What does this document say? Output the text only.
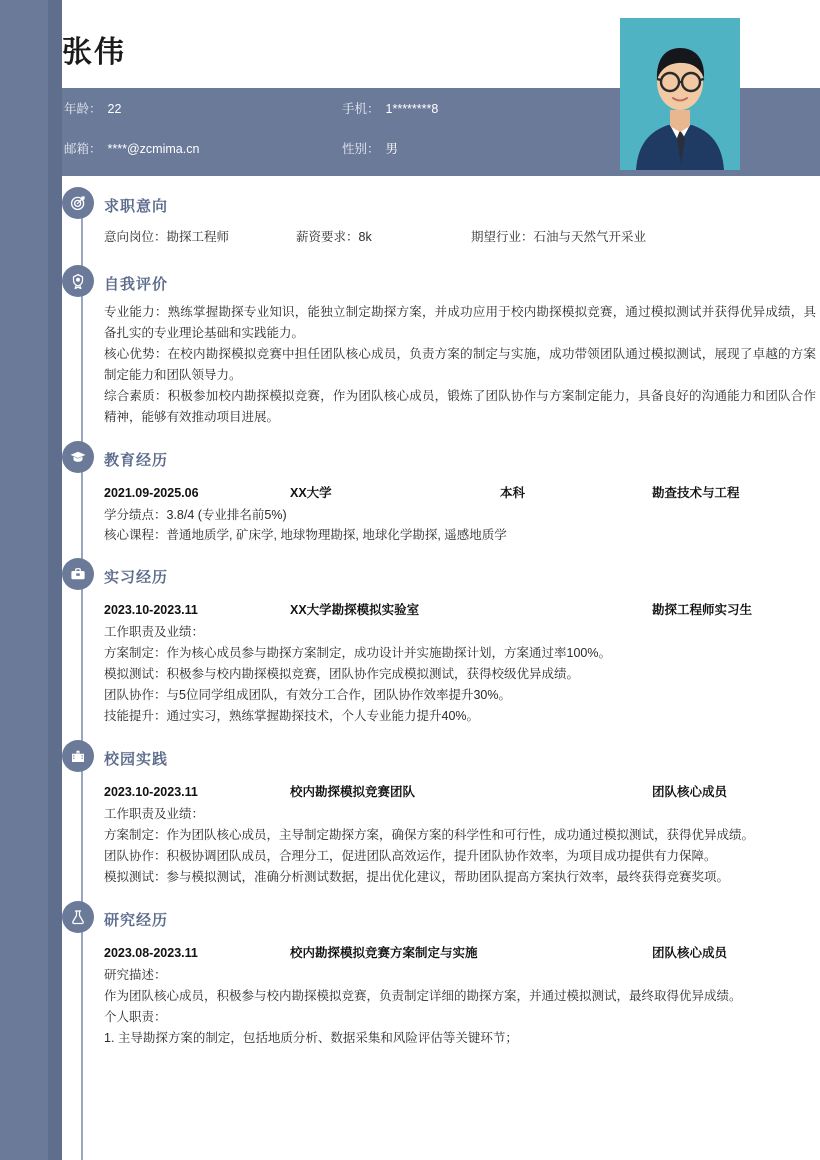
张伟
年龄： 22	手机： 1********8
邮箱： ****@zcmima.cn	性别： 男
求职意向
意向岗位：勘探工程师	薪资要求：8k	期望行业：石油与天然气开采业
自我评价
专业能力：熟练掌握勘探专业知识，能独立制定勘探方案，并成功应用于校内勘探模拟竞赛，通过模拟测试并获得优异成绩，具备扎实的专业理论基础和实践能力。
核心优势：在校内勘探模拟竞赛中担任团队核心成员，负责方案的制定与实施，成功带领团队通过模拟测试，展现了卓越的方案制定能力和团队领导力。
综合素质：积极参加校内勘探模拟竞赛，作为团队核心成员，锻炼了团队协作与方案制定能力，具备良好的沟通能力和团队合作精神，能够有效推动项目进展。
教育经历
2021.09-2025.06	XX大学	本科	勘查技术与工程
学分绩点：3.8/4 (专业排名前5%)
核心课程：普通地质学, 矿床学, 地球物理勘探, 地球化学勘探, 遥感地质学
实习经历
2023.10-2023.11	XX大学勘探模拟实验室	勘探工程师实习生
工作职责及业绩：
方案制定：作为核心成员参与勘探方案制定，成功设计并实施勘探计划，方案通过率100%。
模拟测试：积极参与校内勘探模拟竞赛，团队协作完成模拟测试，获得校级优异成绩。
团队协作：与5位同学组成团队，有效分工合作，团队协作效率提升30%。
技能提升：通过实习，熟练掌握勘探技术，个人专业能力提升40%。
校园实践
2023.10-2023.11	校内勘探模拟竞赛团队	团队核心成员
工作职责及业绩：
方案制定：作为团队核心成员，主导制定勘探方案，确保方案的科学性和可行性，成功通过模拟测试，获得优异成绩。
团队协作：积极协调团队成员，合理分工，促进团队高效运作，提升团队协作效率，为项目成功提供有力保障。
模拟测试：参与模拟测试，准确分析测试数据，提出优化建议，帮助团队提高方案执行效率，最终获得竞赛奖项。
研究经历
2023.08-2023.11	校内勘探模拟竞赛方案制定与实施	团队核心成员
研究描述：
作为团队核心成员，积极参与校内勘探模拟竞赛，负责制定详细的勘探方案，并通过模拟测试，最终取得优异成绩。
个人职责：
1. 主导勘探方案的制定，包括地质分析、数据采集和风险评估等关键环节；
